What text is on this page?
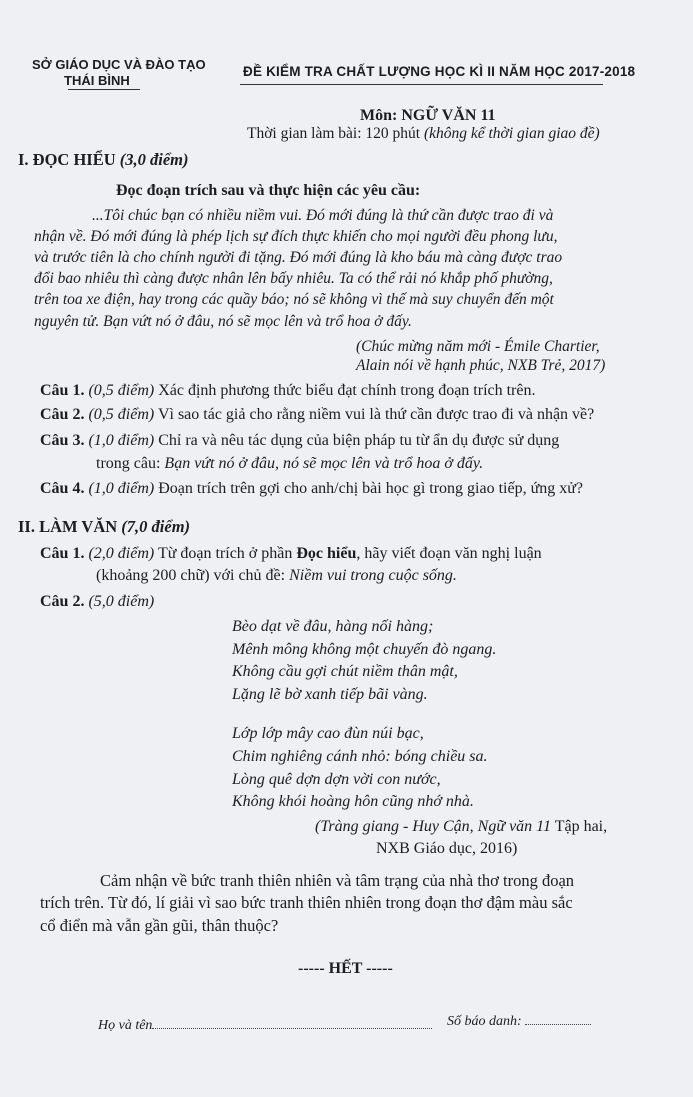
SỞ GIÁO DỤC VÀ ĐÀO TẠO
THÁI BÌNH
ĐỀ KIỂM TRA CHẤT LƯỢNG HỌC KÌ II NĂM HỌC 2017-2018
Môn: NGỮ VĂN 11
Thời gian làm bài: 120 phút (không kể thời gian giao đề)
I. ĐỌC HIỂU (3,0 điểm)
Đọc đoạn trích sau và thực hiện các yêu cầu:
...Tôi chúc bạn có nhiều niềm vui. Đó mới đúng là thứ cần được trao đi và
nhận về. Đó mới đúng là phép lịch sự đích thực khiến cho mọi người đều phong lưu,
và trước tiên là cho chính người đi tặng. Đó mới đúng là kho báu mà càng được trao
đổi bao nhiêu thì càng được nhân lên bấy nhiêu. Ta có thể rải nó khắp phố phường,
trên toa xe điện, hay trong các quầy báo; nó sẽ không vì thế mà suy chuyển đến một
nguyên tử. Bạn vứt nó ở đâu, nó sẽ mọc lên và trổ hoa ở đấy.
(Chúc mừng năm mới - Émile Chartier,
Alain nói về hạnh phúc, NXB Trẻ, 2017)
Câu 1. (0,5 điểm) Xác định phương thức biểu đạt chính trong đoạn trích trên.
Câu 2. (0,5 điểm) Vì sao tác giả cho rằng niềm vui là thứ cần được trao đi và nhận về?
Câu 3. (1,0 điểm) Chỉ ra và nêu tác dụng của biện pháp tu từ ẩn dụ được sử dụng
trong câu: Bạn vứt nó ở đâu, nó sẽ mọc lên và trổ hoa ở đấy.
Câu 4. (1,0 điểm) Đoạn trích trên gợi cho anh/chị bài học gì trong giao tiếp, ứng xử?
II. LÀM VĂN (7,0 điểm)
Câu 1. (2,0 điểm) Từ đoạn trích ở phần Đọc hiểu, hãy viết đoạn văn nghị luận
(khoảng 200 chữ) với chủ đề: Niềm vui trong cuộc sống.
Câu 2. (5,0 điểm)
Bèo dạt về đâu, hàng nối hàng;
Mênh mông không một chuyến đò ngang.
Không cầu gợi chút niềm thân mật,
Lặng lẽ bờ xanh tiếp bãi vàng.
Lớp lớp mây cao đùn núi bạc,
Chim nghiêng cánh nhỏ: bóng chiều sa.
Lòng quê dợn dợn vời con nước,
Không khói hoàng hôn cũng nhớ nhà.
(Tràng giang - Huy Cận, Ngữ văn 11 Tập hai,
NXB Giáo dục, 2016)
Cảm nhận về bức tranh thiên nhiên và tâm trạng của nhà thơ trong đoạn
trích trên. Từ đó, lí giải vì sao bức tranh thiên nhiên trong đoạn thơ đậm màu sắc
cổ điển mà vẫn gần gũi, thân thuộc?
----- HẾT -----
Họ và tên	Số báo danh:
